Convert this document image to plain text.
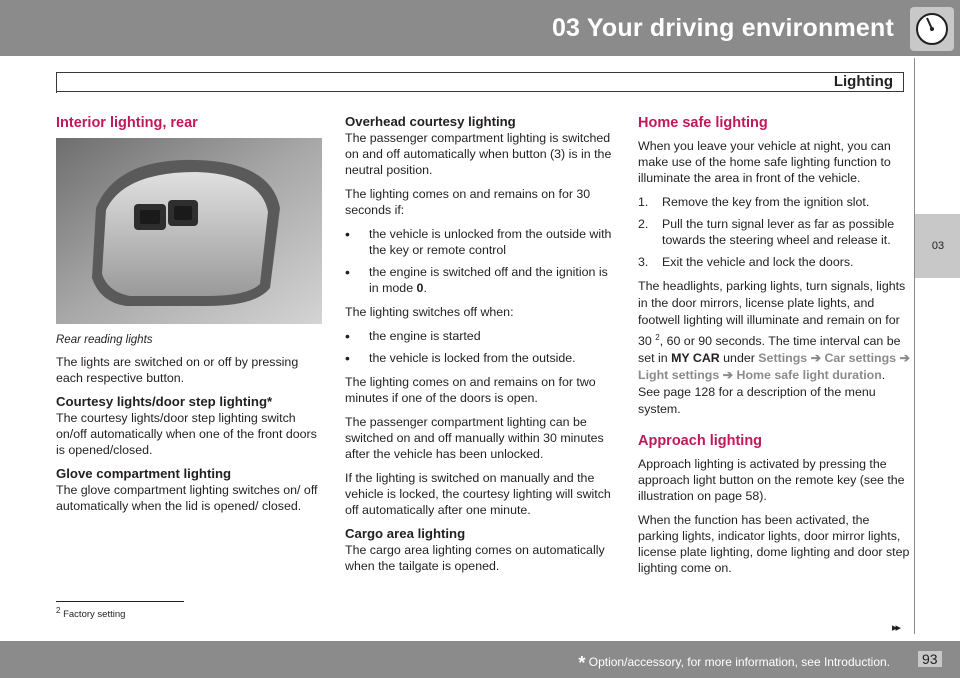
03 Your driving environment
Lighting
03
Interior lighting, rear
G031418
Rear reading lights

The lights are switched on or off by pressing each respective button.

Courtesy lights/door step lighting*

The courtesy lights/door step lighting switch on/off automatically when one of the front doors is opened/closed.

Glove compartment lighting

The glove compartment lighting switches on/ off automatically when the lid is opened/ closed.

Overhead courtesy lighting

The passenger compartment lighting is switched on and off automatically when button (3) is in the neutral position.

The lighting comes on and remains on for 30 seconds if:

• the vehicle is unlocked from the outside with the key or remote control
• the engine is switched off and the ignition is in mode 0.

The lighting switches off when:

• the engine is started
• the vehicle is locked from the outside.

The lighting comes on and remains on for two minutes if one of the doors is open.

The passenger compartment lighting can be switched on and off manually within 30 minutes after the vehicle has been unlocked.

If the lighting is switched on manually and the vehicle is locked, the courtesy lighting will switch off automatically after one minute.

Cargo area lighting

The cargo area lighting comes on automatically when the tailgate is opened.

Home safe lighting

When you leave your vehicle at night, you can make use of the home safe lighting function to illuminate the area in front of the vehicle.

1. Remove the key from the ignition slot.
2. Pull the turn signal lever as far as possible towards the steering wheel and release it.
3. Exit the vehicle and lock the doors.

The headlights, parking lights, turn signals, lights in the door mirrors, license plate lights, and footwell lighting will illuminate and remain on for 30 $^2$, 60 or 90 seconds. The time interval can be set in MY CAR under Settings ➔ Car settings ➔ Light settings ➔ Home safe light duration. See page 128 for a description of the menu system.

Approach lighting

Approach lighting is activated by pressing the approach light button on the remote key (see the illustration on page 58).

When the function has been activated, the parking lights, indicator lights, door mirror lights, license plate lighting, dome lighting and door step lighting come on.

$^2$ Factory setting
▸▸
* Option/accessory, for more information, see Introduction. 93
